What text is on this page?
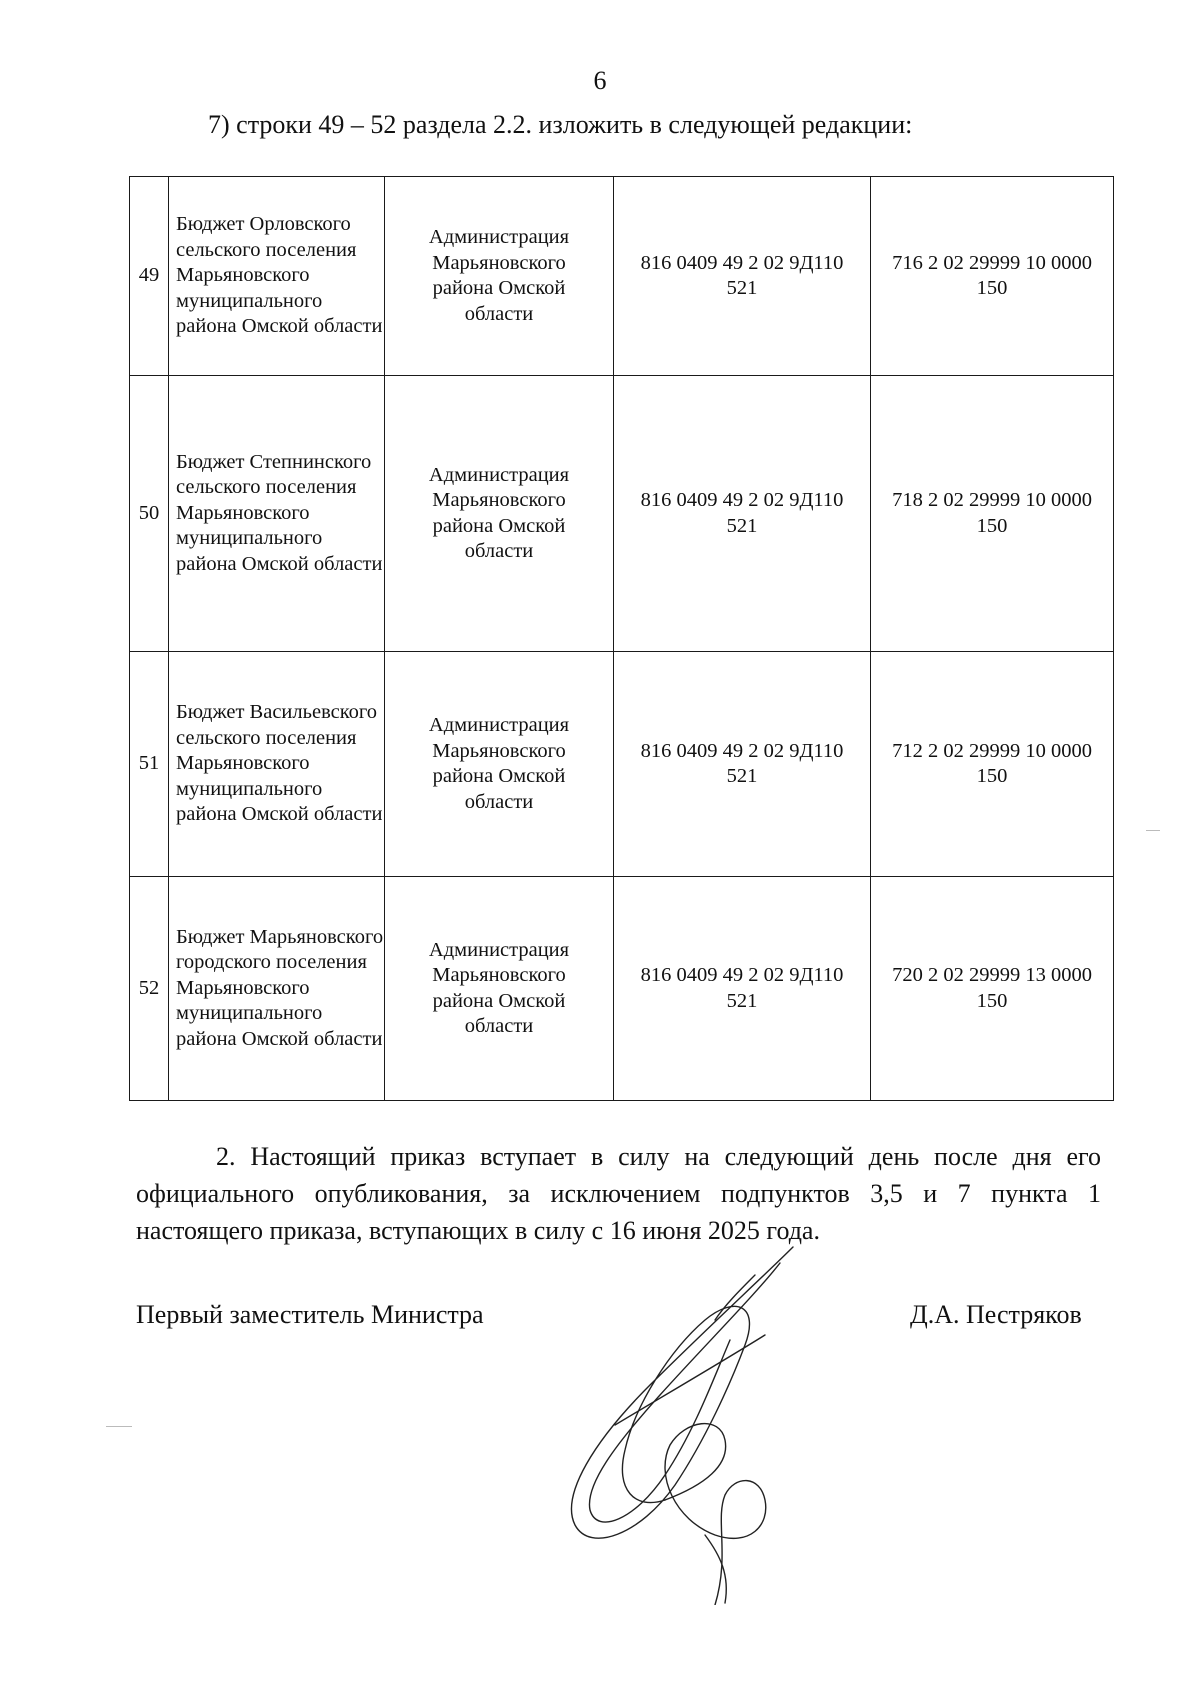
6
7) строки 49 – 52 раздела 2.2. изложить в следующей редакции:
49	Бюджет Орловского сельского поселения Марьяновского муниципального района Омской области	Администрация Марьяновского района Омской области	816 0409 49 2 02 9Д110 521	716 2 02 29999 10 0000 150
50	Бюджет Степнинского сельского поселения Марьяновского муниципального района Омской области	Администрация Марьяновского района Омской области	816 0409 49 2 02 9Д110 521	718 2 02 29999 10 0000 150
51	Бюджет Васильевского сельского поселения Марьяновского муниципального района Омской области	Администрация Марьяновского района Омской области	816 0409 49 2 02 9Д110 521	712 2 02 29999 10 0000 150
52	Бюджет Марьяновского городского поселения Марьяновского муниципального района Омской области	Администрация Марьяновского района Омской области	816 0409 49 2 02 9Д110 521	720 2 02 29999 13 0000 150

2. Настоящий приказ вступает в силу на следующий день после дня его официального опубликования, за исключением подпунктов 3,5 и 7 пункта 1 настоящего приказа, вступающих в силу с 16 июня 2025 года.

Первый заместитель Министра	Д.А. Пестряков
